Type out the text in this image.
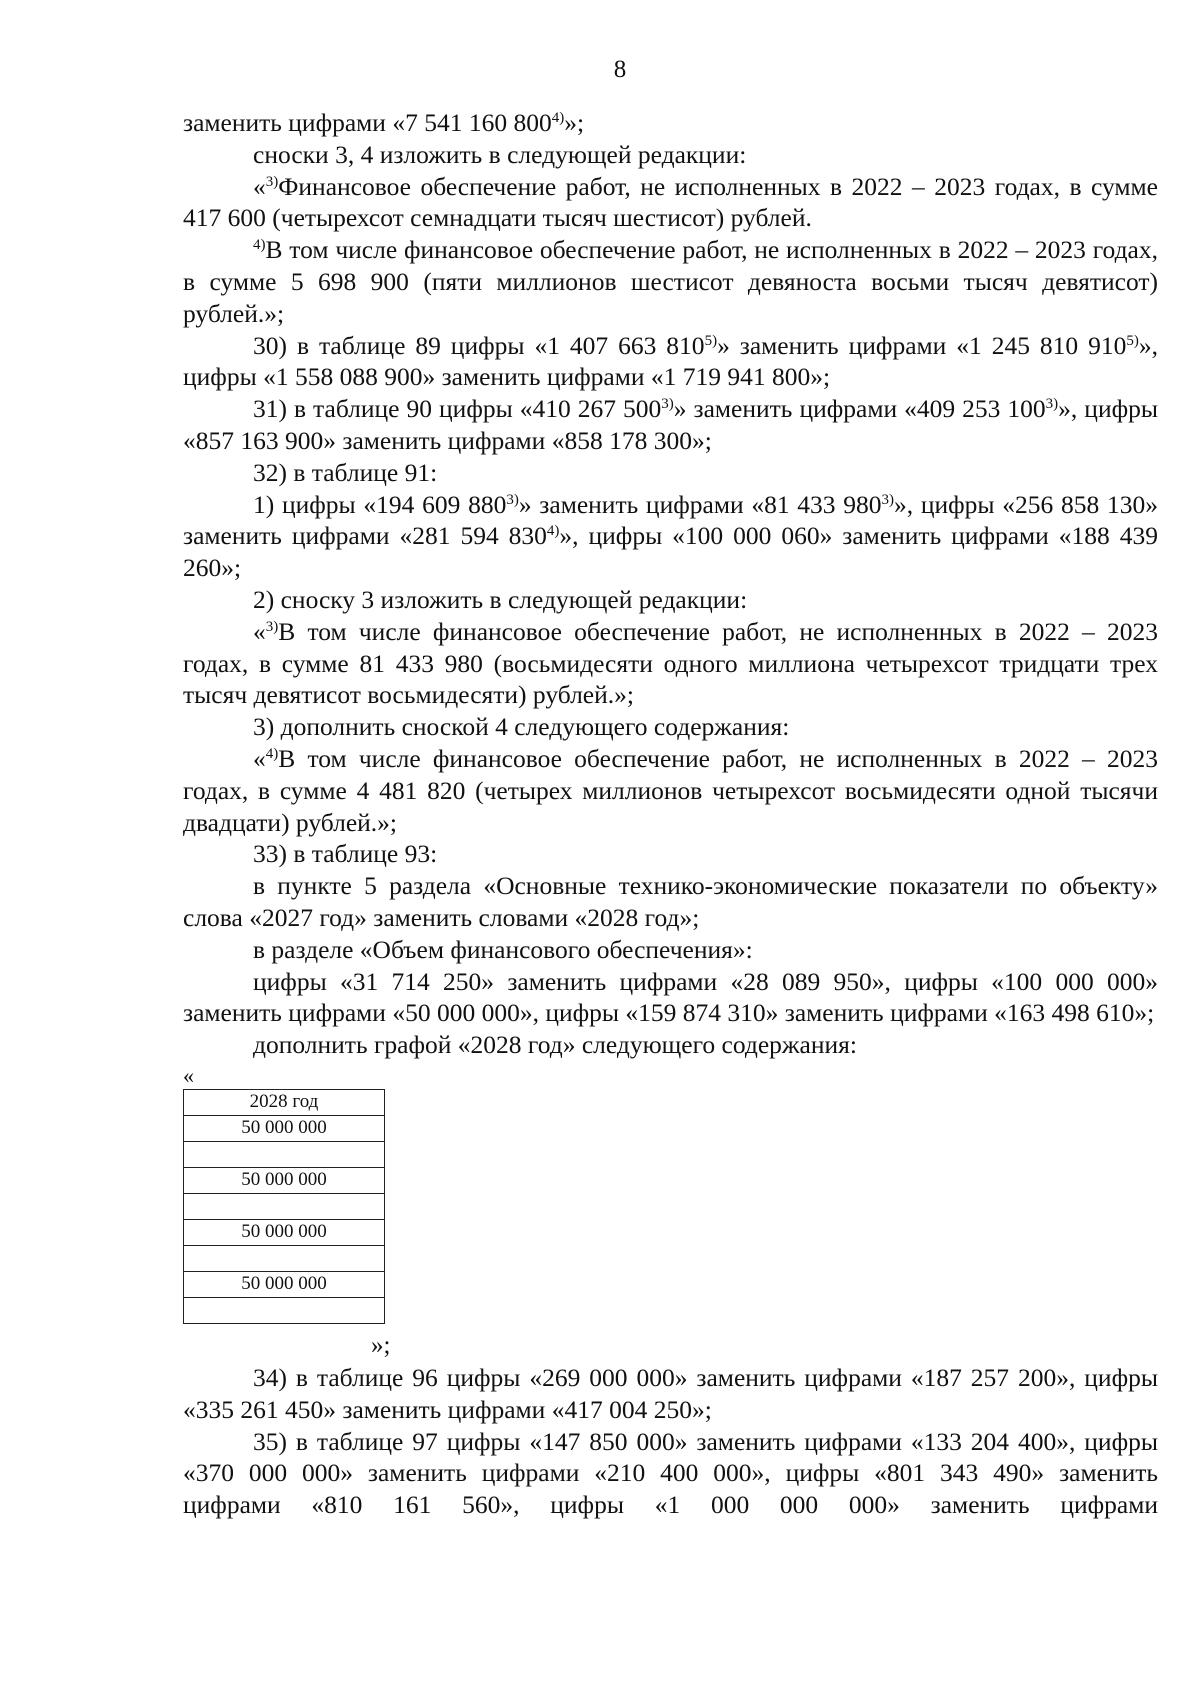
8

заменить цифрами «7 541 160 800$^{4)}$»;

сноски 3, 4 изложить в следующей редакции:

«$^{3)}$Финансовое обеспечение работ, не исполненных в 2022 – 2023 годах, в сумме 417 600 (четырехсот семнадцати тысяч шестисот) рублей.

$^{4)}$В том числе финансовое обеспечение работ, не исполненных в 2022 – 2023 годах, в сумме 5 698 900 (пяти миллионов шестисот девяноста восьми тысяч девятисот) рублей.»;

30) в таблице 89 цифры «1 407 663 810$^{5)}$» заменить цифрами «1 245 810 910$^{5)}$», цифры «1 558 088 900» заменить цифрами «1 719 941 800»;

31) в таблице 90 цифры «410 267 500$^{3)}$» заменить цифрами «409 253 100$^{3)}$», цифры «857 163 900» заменить цифрами «858 178 300»;

32) в таблице 91:

1) цифры «194 609 880$^{3)}$» заменить цифрами «81 433 980$^{3)}$», цифры «256 858 130» заменить цифрами «281 594 830$^{4)}$», цифры «100 000 060» заменить цифрами «188 439 260»;

2) сноску 3 изложить в следующей редакции:

«$^{3)}$В том числе финансовое обеспечение работ, не исполненных в 2022 – 2023 годах, в сумме 81 433 980 (восьмидесяти одного миллиона четырехсот тридцати трех тысяч девятисот восьмидесяти) рублей.»;

3) дополнить сноской 4 следующего содержания:

«$^{4)}$В том числе финансовое обеспечение работ, не исполненных в 2022 – 2023 годах, в сумме 4 481 820 (четырех миллионов четырехсот восьмидесяти одной тысячи двадцати) рублей.»;

33) в таблице 93:

в пункте 5 раздела «Основные технико-экономические показатели по объекту» слова «2027 год» заменить словами «2028 год»;

в разделе «Объем финансового обеспечения»:

цифры «31 714 250» заменить цифрами «28 089 950», цифры «100 000 000» заменить цифрами «50 000 000», цифры «159 874 310» заменить цифрами «163 498 610»;

дополнить графой «2028 год» следующего содержания:

«
2028 год
50 000 000

50 000 000

50 000 000

50 000 000

»;

34) в таблице 96 цифры «269 000 000» заменить цифрами «187 257 200», цифры «335 261 450» заменить цифрами «417 004 250»;

35) в таблице 97 цифры «147 850 000» заменить цифрами «133 204 400», цифры «370 000 000» заменить цифрами «210 400 000», цифры «801 343 490» заменить цифрами «810 161 560», цифры «1 000 000 000» заменить цифрами
